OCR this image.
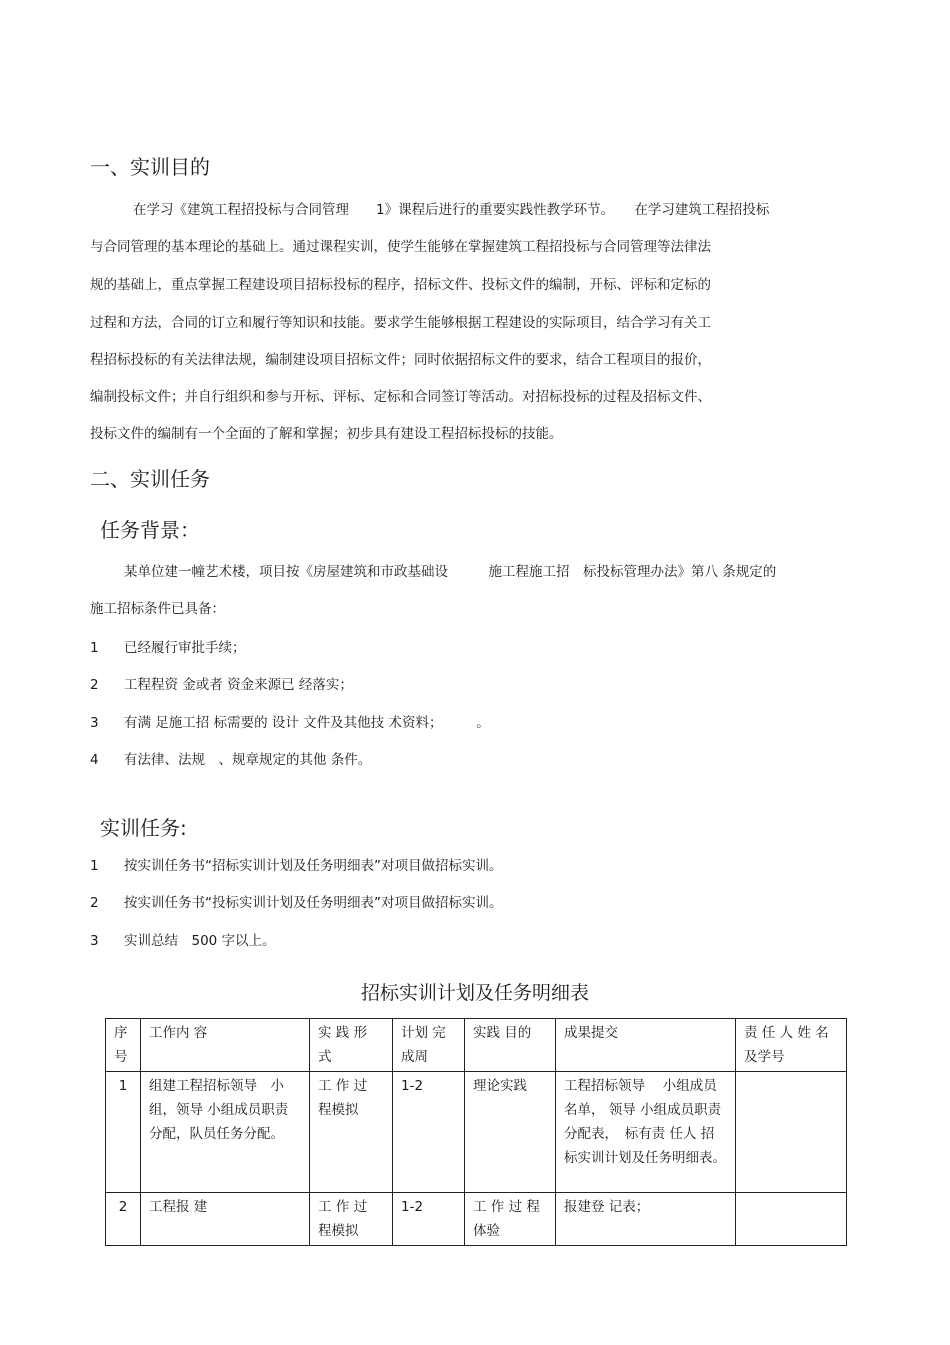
一、实训目的
在学习《建筑工程招投标与合同管理　　1》课程后进行的重要实践性教学环节。　　在学习建筑工程招投标
与合同管理的基本理论的基础上。通过课程实训，使学生能够在掌握建筑工程招投标与合同管理等法律法
规的基础上，重点掌握工程建设项目招标投标的程序，招标文件、投标文件的编制，开标、评标和定标的
过程和方法，合同的订立和履行等知识和技能。要求学生能够根据工程建设的实际项目，结合学习有关工
程招标投标的有关法律法规，编制建设项目招标文件；同时依据招标文件的要求，结合工程项目的报价，
编制投标文件；并自行组织和参与开标、评标、定标和合同签订等活动。对招标投标的过程及招标文件、
投标文件的编制有一个全面的了解和掌握；初步具有建设工程招标投标的技能。
二、实训任务
任务背景：
某单位建一幢艺术楼，项目按《房屋建筑和市政基础设　　　施工程施工招　标投标管理办法》第八 条规定的
施工招标条件已具备：
1 已经履行审批手续；
2 工程程资 金或者 资金来源已 经落实；
3 有满 足施工招 标需要的 设计 文件及其他技 术资料；　　　。
4 有法律、法规　、规章规定的其他 条件。
实训任务:
1 按实训任务书“招标实训计划及任务明细表”对项目做招标实训。
2 按实训任务书“投标实训计划及任务明细表”对项目做招标实训。
3 实训总结　500 字以上。
招标实训计划及任务明细表
序号	工作内 容	实 践 形 式	计划 完成周	实践 目的	成果提交	责 任 人 姓 名 及学号
1	组建工程招标领导　小组，领导 小组成员职责分配，队员任务分配。	工 作 过 程模拟	1-2	理论实践	工程招标领导　 小组成员名单， 领导 小组成员职责分配表，　标有责 任人 招标实训计划及任务明细表。	
2	工程报 建	工 作 过 程模拟	1-2	工 作 过 程体验	报建登 记表；	
